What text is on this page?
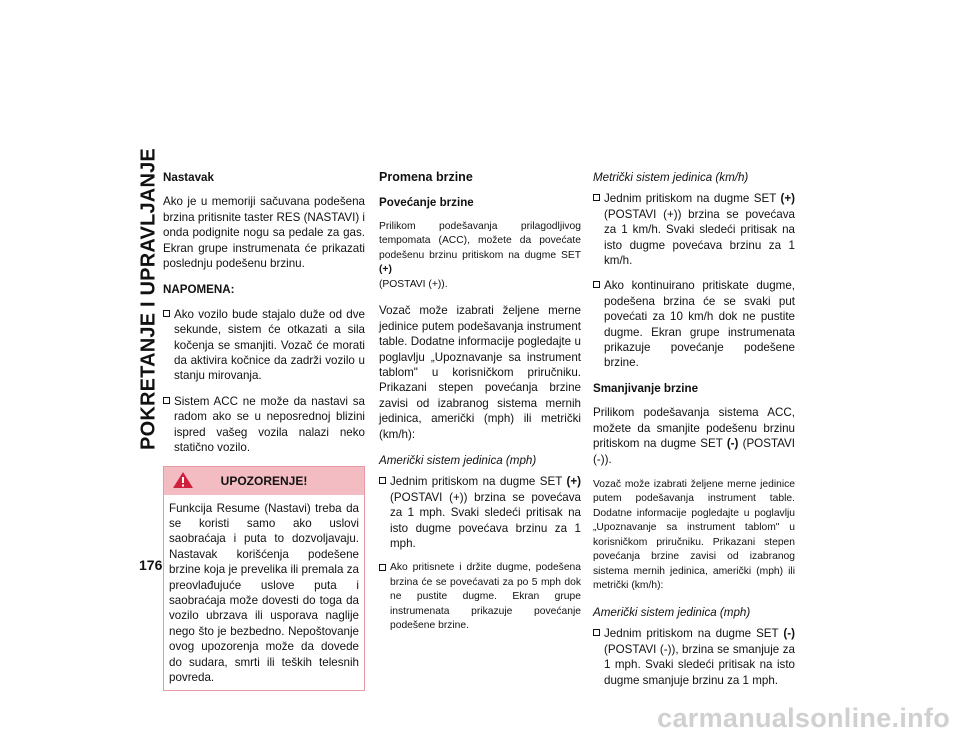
POKRETANJE I UPRAVLJANJE
176
Nastavak

Ako je u memoriji sačuvana podešena brzina pritisnite taster RES (NASTAVI) i onda podignite nogu sa pedale za gas. Ekran grupe instrumenata će prikazati poslednju podešenu brzinu.

NAPOMENA:
Ako vozilo bude stajalo duže od dve sekunde, sistem će otkazati a sila kočenja se smanjiti. Vozač će morati da aktivira kočnice da zadrži vozilo u stanju mirovanja.
Sistem ACC ne može da nastavi sa radom ako se u neposrednoj blizini ispred vašeg vozila nalazi neko statično vozilo.
UPOZORENJE!
Funkcija Resume (Nastavi) treba da se koristi samo ako uslovi saobraćaja i puta to dozvoljavaju. Nastavak korišćenja podešene brzine koja je prevelika ili premala za preovlađujuće uslove puta i saobraćaja može dovesti do toga da vozilo ubrzava ili usporava naglije nego što je bezbedno. Nepoštovanje ovog upozorenja može da dovede do sudara, smrti ili teških telesnih povreda.
Promena brzine
Povećanje brzine

Prilikom podešavanja prilagodljivog tempomata (ACC), možete da povećate podešenu brzinu pritiskom na dugme SET (+)
(POSTAVI (+)).

Vozač može izabrati željene merne jedinice putem podešavanja instrument table. Dodatne informacije pogledajte u poglavlju „Upoznavanje sa instrument tablom" u korisničkom priručniku. Prikazani stepen povećanja brzine zavisi od izabranog sistema mernih jedinica, američki (mph) ili metrički (km/h):

Američki sistem jedinica (mph)
Jednim pritiskom na dugme SET (+) (POSTAVI (+)) brzina se povećava za 1 mph. Svaki sledeći pritisak na isto dugme povećava brzinu za 1 mph.
Ako pritisnete i držite dugme, podešena brzina će se povećavati za po 5 mph dok ne pustite dugme. Ekran grupe instrumenata prikazuje povećanje podešene brzine.
Metrički sistem jedinica (km/h)
Jednim pritiskom na dugme SET (+) (POSTAVI (+)) brzina se povećava za 1 km/h. Svaki sledeći pritisak na isto dugme povećava brzinu za 1 km/h.
Ako kontinuirano pritiskate dugme, podešena brzina će se svaki put povećati za 10 km/h dok ne pustite dugme. Ekran grupe instrumenata prikazuje povećanje podešene brzine.
Smanjivanje brzine

Prilikom podešavanja sistema ACC, možete da smanjite podešenu brzinu pritiskom na dugme SET (-) (POSTAVI (-)).

Vozač može izabrati željene merne jedinice putem podešavanja instrument table. Dodatne informacije pogledajte u poglavlju „Upoznavanje sa instrument tablom" u korisničkom priručniku. Prikazani stepen povećanja brzine zavisi od izabranog sistema mernih jedinica, američki (mph) ili metrički (km/h):

Američki sistem jedinica (mph)
Jednim pritiskom na dugme SET (-) (POSTAVI (-)), brzina se smanjuje za 1 mph. Svaki sledeći pritisak na isto dugme smanjuje brzinu za 1 mph.
carmanualsonline.info
